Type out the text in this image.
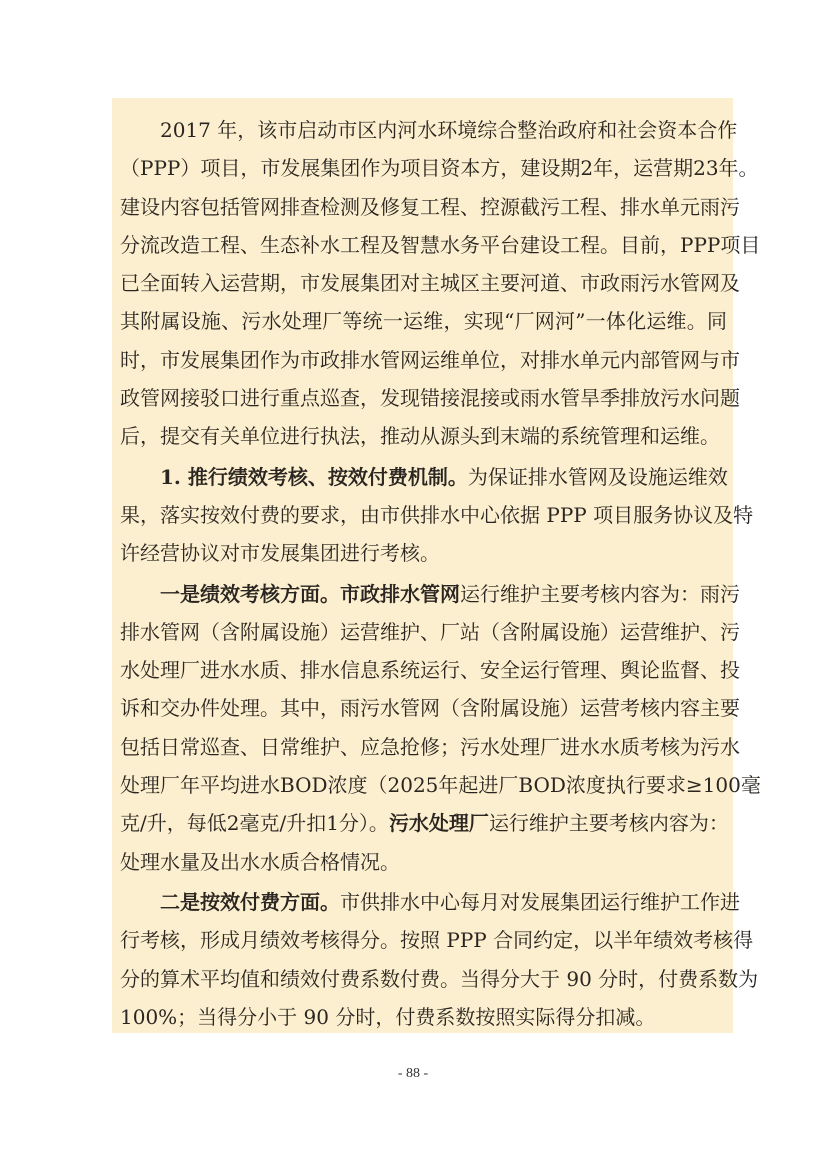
2017 年，该市启动市区内河水环境综合整治政府和社会资本合作
（PPP）项目，市发展集团作为项目资本方，建设期2年，运营期23年。
建设内容包括管网排查检测及修复工程、控源截污工程、排水单元雨污
分流改造工程、生态补水工程及智慧水务平台建设工程。目前，PPP项目
已全面转入运营期，市发展集团对主城区主要河道、市政雨污水管网及
其附属设施、污水处理厂等统一运维，实现“厂网河”一体化运维。同
时，市发展集团作为市政排水管网运维单位，对排水单元内部管网与市
政管网接驳口进行重点巡查，发现错接混接或雨水管旱季排放污水问题
后，提交有关单位进行执法，推动从源头到末端的系统管理和运维。
1. 推行绩效考核、按效付费机制。为保证排水管网及设施运维效
果，落实按效付费的要求，由市供排水中心依据 PPP 项目服务协议及特
许经营协议对市发展集团进行考核。
一是绩效考核方面。市政排水管网运行维护主要考核内容为：雨污
排水管网（含附属设施）运营维护、厂站（含附属设施）运营维护、污
水处理厂进水水质、排水信息系统运行、安全运行管理、舆论监督、投
诉和交办件处理。其中，雨污水管网（含附属设施）运营考核内容主要
包括日常巡查、日常维护、应急抢修；污水处理厂进水水质考核为污水
处理厂年平均进水BOD浓度（2025年起进厂BOD浓度执行要求≥100毫
克/升，每低2毫克/升扣1分）。污水处理厂运行维护主要考核内容为：
处理水量及出水水质合格情况。
二是按效付费方面。市供排水中心每月对发展集团运行维护工作进
行考核，形成月绩效考核得分。按照 PPP 合同约定，以半年绩效考核得
分的算术平均值和绩效付费系数付费。当得分大于 90 分时，付费系数为
100%；当得分小于 90 分时，付费系数按照实际得分扣减。
- 88 -
